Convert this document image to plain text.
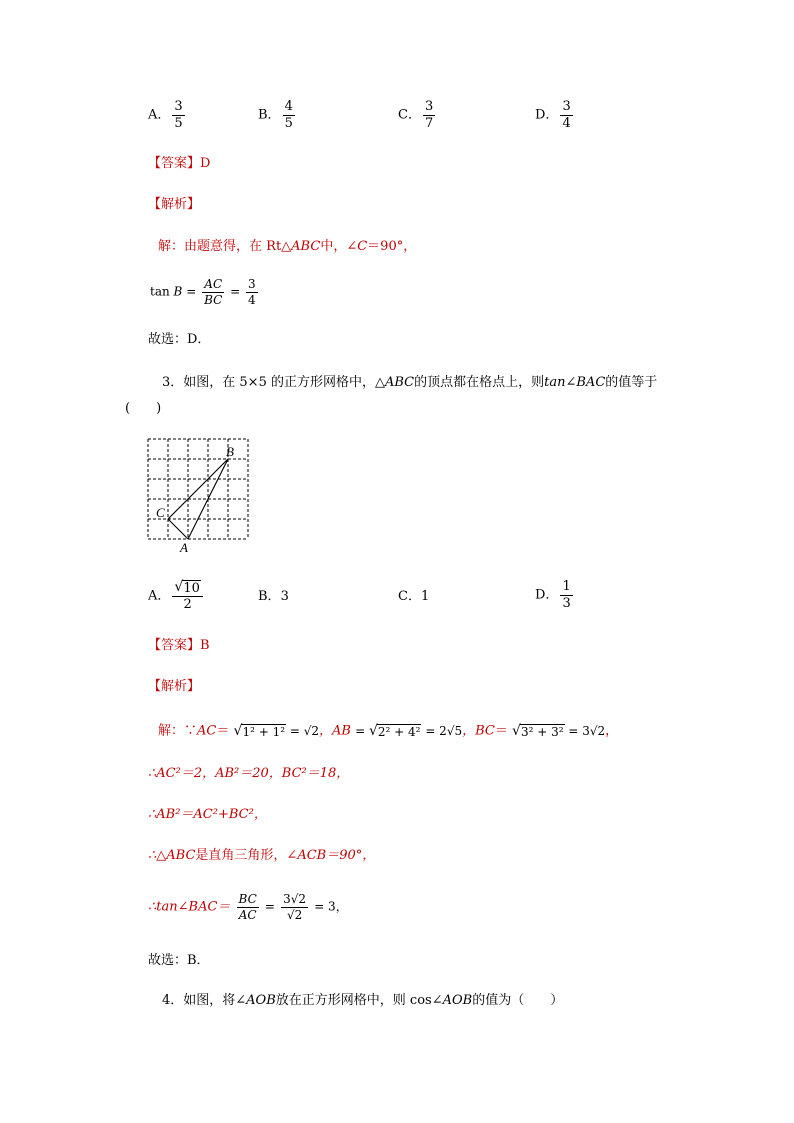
A． $\frac{3}{5}$	B． $\frac{4}{5}$	C． $\frac{3}{7}$	D． $\frac{3}{4}$
【答案】D
【解析】
解：由题意得，在 Rt△ABC中，∠C＝90°，
$\tan B = \frac{AC}{BC} = \frac{3}{4}$
故选：D．
3．如图，在 5×5 的正方形网格中，△ABC的顶点都在格点上，则tan∠BAC的值等于
(　　)
B
C
A
A． $\frac{√ 10}{2}$	B．3	C．1	D． $\frac{1}{3}$
【答案】B
【解析】
解：∵AC＝ √ 1² + 1² = √2，AB = √ 2² + 4² = 2√5，BC＝ √ 3² + 3² = 3√2，
∴AC²＝2，AB²＝20，BC²＝18，
∴AB²＝AC²+BC²，
∴△ABC是直角三角形，∠ACB＝90°，
∴tan∠BAC＝ $\frac{BC}{AC} = \frac{3√2}{√2} = 3$，
故选：B．
4．如图，将∠AOB放在正方形网格中，则 cos∠AOB的值为（　　）
